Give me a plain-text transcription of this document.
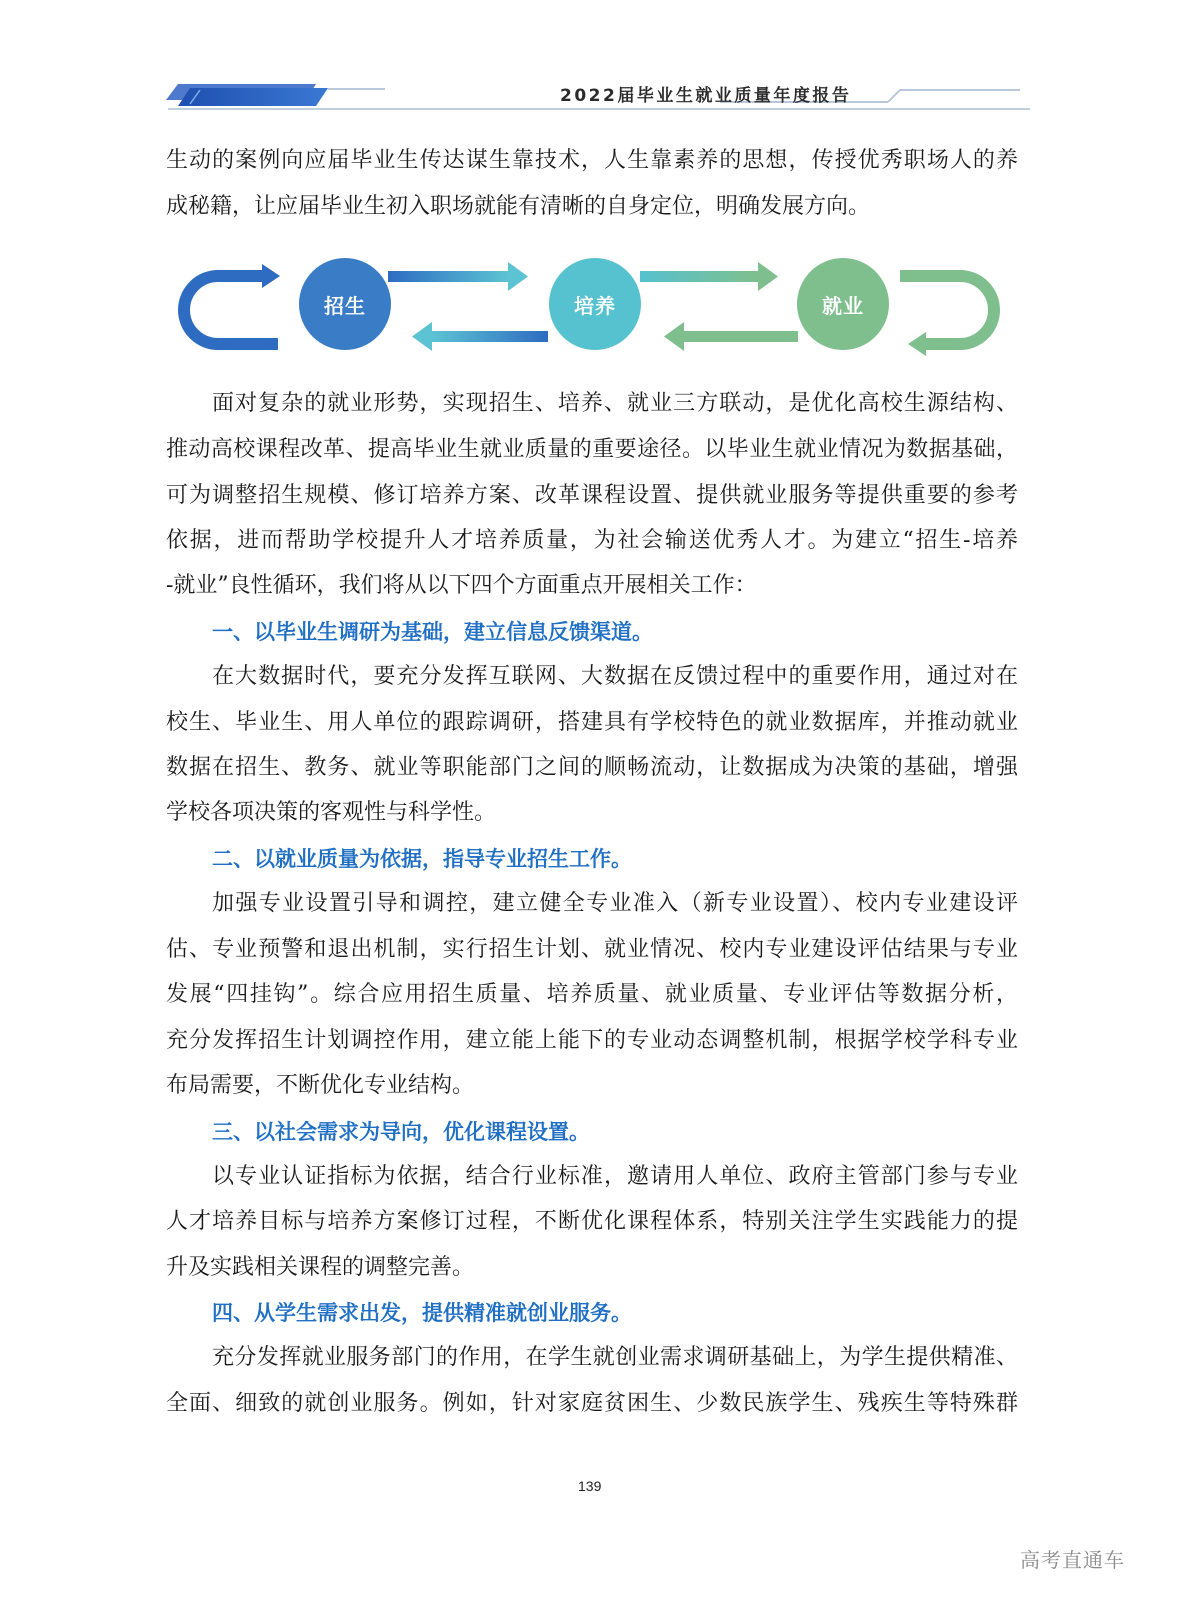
2022届毕业生就业质量年度报告
生动的案例向应届毕业生传达谋生靠技术，人生靠素养的思想，传授优秀职场人的养
成秘籍，让应届毕业生初入职场就能有清晰的自身定位，明确发展方向。
招生	培养	就业
面对复杂的就业形势，实现招生、培养、就业三方联动，是优化高校生源结构、
推动高校课程改革、提高毕业生就业质量的重要途径。以毕业生就业情况为数据基础，
可为调整招生规模、修订培养方案、改革课程设置、提供就业服务等提供重要的参考
依据，进而帮助学校提升人才培养质量，为社会输送优秀人才。为建立“招生-培养
-就业”良性循环，我们将从以下四个方面重点开展相关工作：
一、以毕业生调研为基础，建立信息反馈渠道。
在大数据时代，要充分发挥互联网、大数据在反馈过程中的重要作用，通过对在
校生、毕业生、用人单位的跟踪调研，搭建具有学校特色的就业数据库，并推动就业
数据在招生、教务、就业等职能部门之间的顺畅流动，让数据成为决策的基础，增强
学校各项决策的客观性与科学性。
二、以就业质量为依据，指导专业招生工作。
加强专业设置引导和调控，建立健全专业准入（新专业设置）、校内专业建设评
估、专业预警和退出机制，实行招生计划、就业情况、校内专业建设评估结果与专业
发展“四挂钩”。综合应用招生质量、培养质量、就业质量、专业评估等数据分析，
充分发挥招生计划调控作用，建立能上能下的专业动态调整机制，根据学校学科专业
布局需要，不断优化专业结构。
三、以社会需求为导向，优化课程设置。
以专业认证指标为依据，结合行业标准，邀请用人单位、政府主管部门参与专业
人才培养目标与培养方案修订过程，不断优化课程体系，特别关注学生实践能力的提
升及实践相关课程的调整完善。
四、从学生需求出发，提供精准就创业服务。
充分发挥就业服务部门的作用，在学生就创业需求调研基础上，为学生提供精准、
全面、细致的就创业服务。例如，针对家庭贫困生、少数民族学生、残疾生等特殊群
139
高考直通车
